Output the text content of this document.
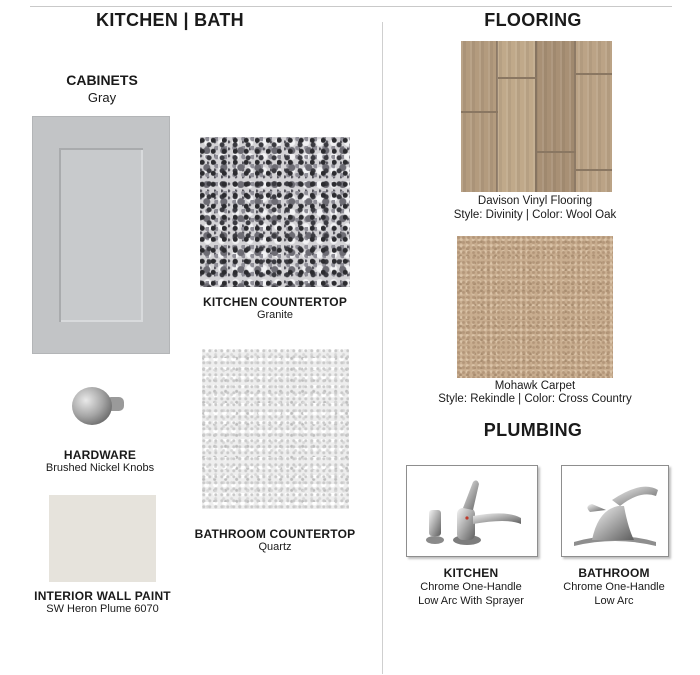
KITCHEN | BATH
CABINETS
Gray
KITCHEN COUNTERTOP
Granite
HARDWARE
Brushed Nickel Knobs
BATHROOM COUNTERTOP
Quartz
INTERIOR WALL PAINT
SW Heron Plume 6070
FLOORING
Davison Vinyl Flooring
Style: Divinity | Color: Wool Oak
Mohawk Carpet
Style: Rekindle | Color: Cross Country
PLUMBING
KITCHEN
Chrome One-Handle
Low Arc With Sprayer
BATHROOM
Chrome One-Handle
Low Arc
